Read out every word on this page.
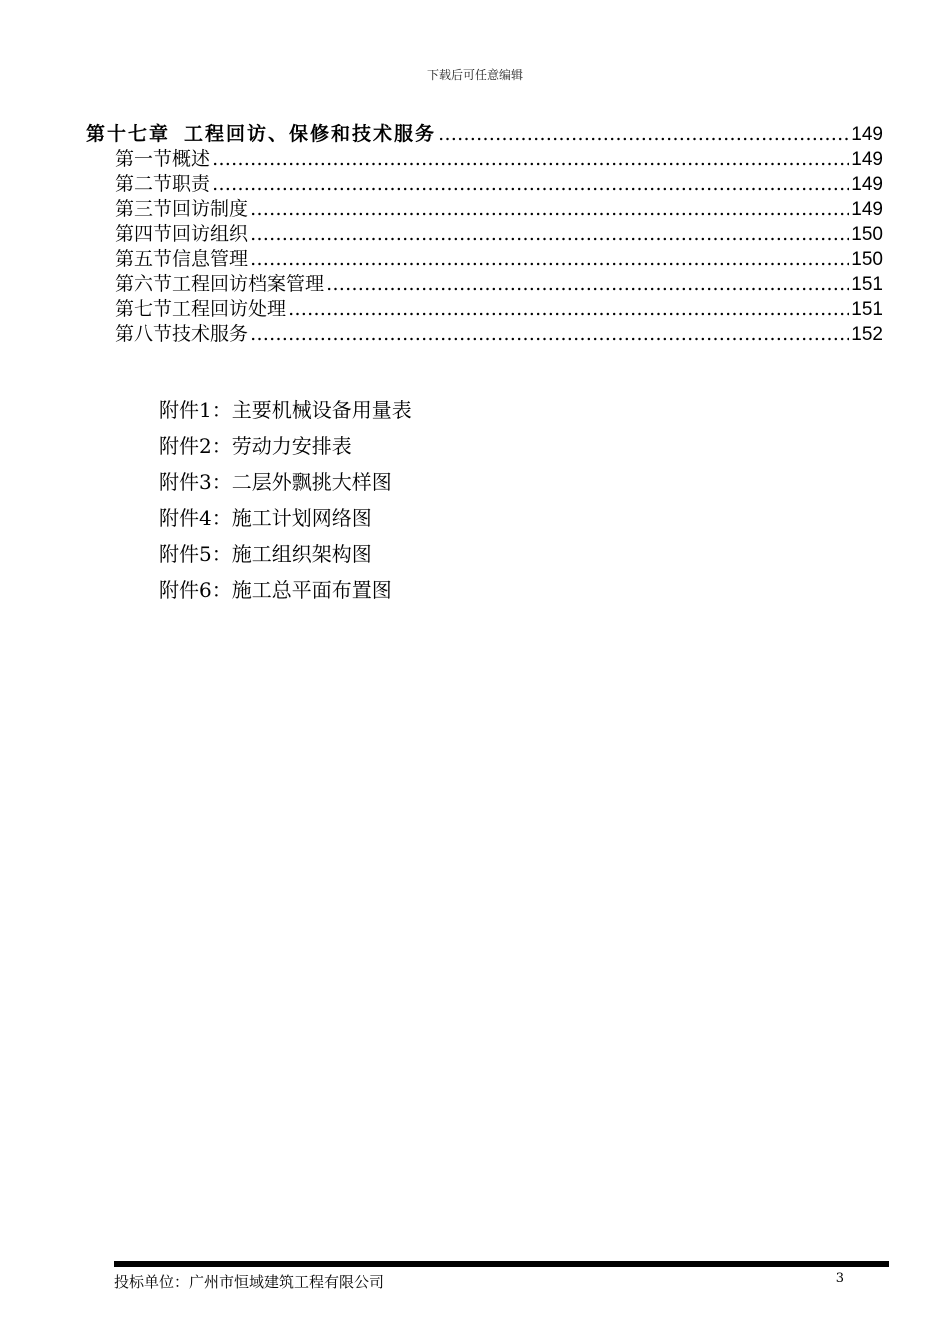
下载后可任意编辑
第十七章 工程回访、保修和技术服务 …………………………………………………………………………………………………………………………………………………………………………………	149
第一节 概述 …………………………………………………………………………………………………………………………………………………………………………………	149
第二节 职责 …………………………………………………………………………………………………………………………………………………………………………………	149
第三节 回访制度 …………………………………………………………………………………………………………………………………………………………………………………	149
第四节 回访组织 …………………………………………………………………………………………………………………………………………………………………………………	150
第五节 信息管理 …………………………………………………………………………………………………………………………………………………………………………………	150
第六节 工程回访档案管理 …………………………………………………………………………………………………………………………………………………………………………………	151
第七节 工程回访处理 …………………………………………………………………………………………………………………………………………………………………………………	151
第八节 技术服务 …………………………………………………………………………………………………………………………………………………………………………………	152
附件1：主要机械设备用量表
附件2：劳动力安排表
附件3：二层外飘挑大样图
附件4：施工计划网络图
附件5：施工组织架构图
附件6：施工总平面布置图
投标单位：广州市恒域建筑工程有限公司	3
